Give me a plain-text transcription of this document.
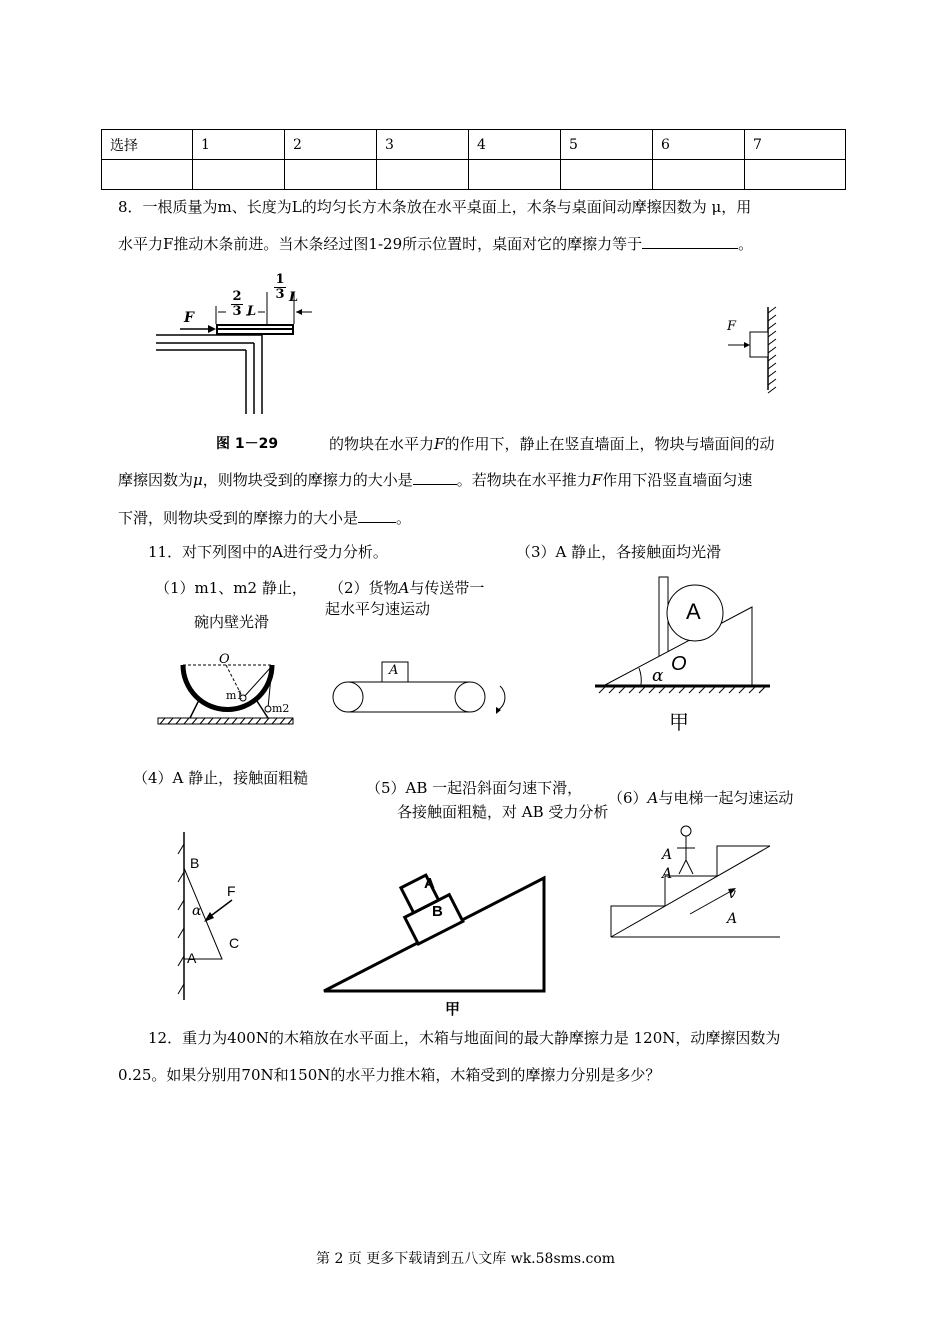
选择	1	2	3	4	5	6	7

8．一根质量为m、长度为L的均匀长方木条放在水平桌面上，木条与桌面间动摩擦因数为 μ，用
水平力F推动木条前进。当木条经过图1-29所示位置时，桌面对它的摩擦力等于	。
F	$\frac{2}{3}$ L
$\frac{1}{3}$ L
图 1－29
F
的物块在水平力F的作用下，静止在竖直墙面上，物块与墙面间的动
摩擦因数为μ，则物块受到的摩擦力的大小是	。若物块在水平推力F作用下沿竖直墙面匀速
下滑，则物块受到的摩擦力的大小是	。
11．对下列图中的A进行受力分析。	（3）A 静止，各接触面均光滑
（1）m1、m2 静止，
碗内壁光滑
（2）货物A与传送带一
起水平匀速运动
O
m1
m2
A
A
O
α
甲
（4）A 静止，接触面粗糙
（5）AB 一起沿斜面匀速下滑，
各接触面粗糙，对 AB 受力分析
（6）A与电梯一起匀速运动
B
F
α
C
A
A
B
甲
A
A
v
A
12．重力为400N的木箱放在水平面上，木箱与地面间的最大静摩擦力是 120N，动摩擦因数为
0.25。如果分别用70N和150N的水平力推木箱，木箱受到的摩擦力分别是多少？
第 2 页 更多下载请到五八文库 wk.58sms.com
